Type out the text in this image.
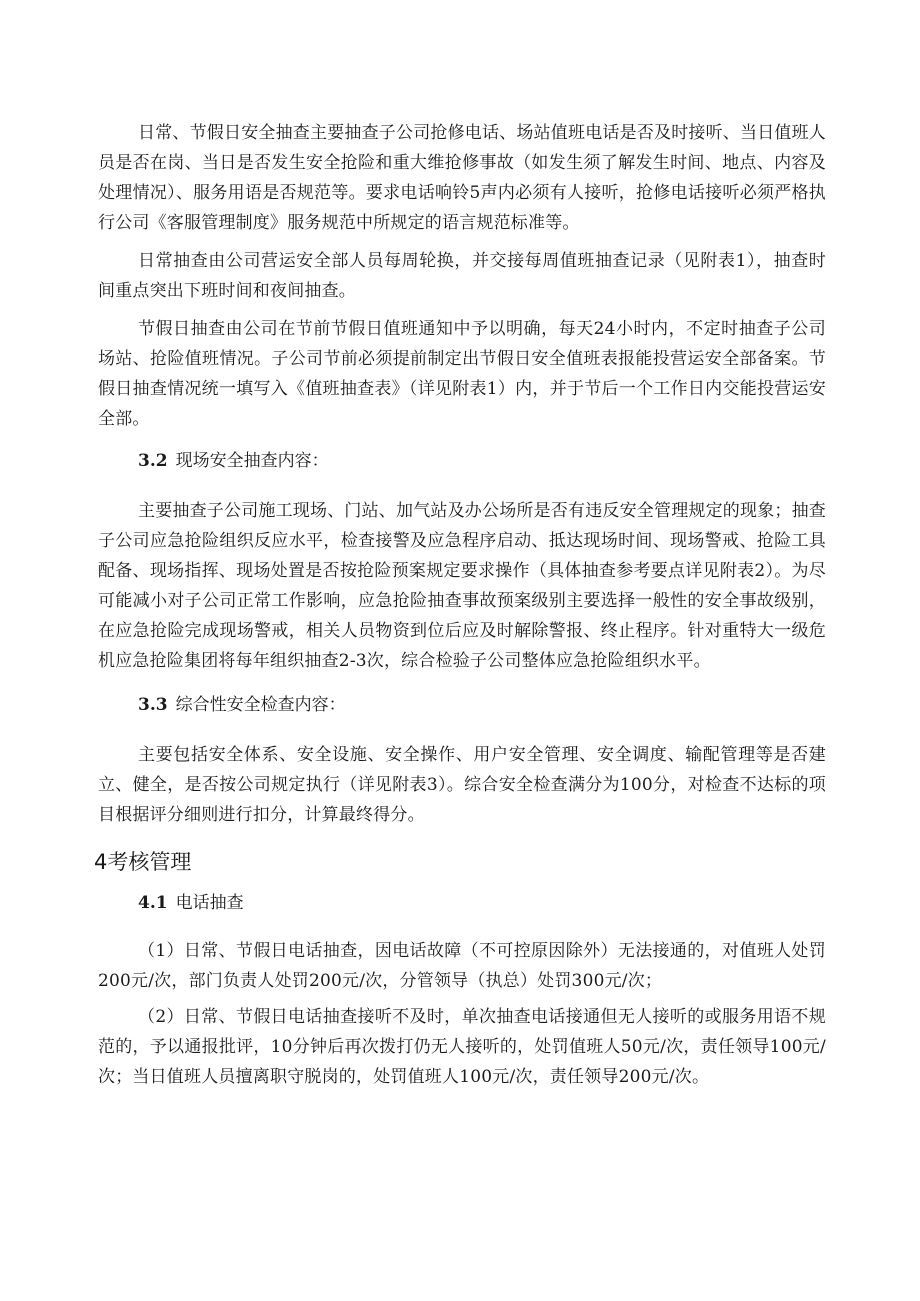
日常、节假日安全抽查主要抽查子公司抢修电话、场站值班电话是否及时接听、当日值班人员是否在岗、当日是否发生安全抢险和重大维抢修事故（如发生须了解发生时间、地点、内容及处理情况）、服务用语是否规范等。要求电话响铃5声内必须有人接听，抢修电话接听必须严格执行公司《客服管理制度》服务规范中所规定的语言规范标准等。

日常抽查由公司营运安全部人员每周轮换，并交接每周值班抽查记录（见附表1），抽查时间重点突出下班时间和夜间抽查。

节假日抽查由公司在节前节假日值班通知中予以明确，每天24小时内，不定时抽查子公司场站、抢险值班情况。子公司节前必须提前制定出节假日安全值班表报能投营运安全部备案。节假日抽查情况统一填写入《值班抽查表》（详见附表1）内，并于节后一个工作日内交能投营运安全部。

3.2 现场安全抽查内容：

主要抽查子公司施工现场、门站、加气站及办公场所是否有违反安全管理规定的现象；抽查子公司应急抢险组织反应水平，检查接警及应急程序启动、抵达现场时间、现场警戒、抢险工具配备、现场指挥、现场处置是否按抢险预案规定要求操作（具体抽查参考要点详见附表2）。为尽可能减小对子公司正常工作影响，应急抢险抽查事故预案级别主要选择一般性的安全事故级别，在应急抢险完成现场警戒，相关人员物资到位后应及时解除警报、终止程序。针对重特大一级危机应急抢险集团将每年组织抽查2-3次，综合检验子公司整体应急抢险组织水平。

3.3 综合性安全检查内容：

主要包括安全体系、安全设施、安全操作、用户安全管理、安全调度、输配管理等是否建立、健全，是否按公司规定执行（详见附表3）。综合安全检查满分为100分，对检查不达标的项目根据评分细则进行扣分，计算最终得分。

4考核管理
4.1 电话抽查

（1）日常、节假日电话抽查，因电话故障（不可控原因除外）无法接通的，对值班人处罚200元/次，部门负责人处罚200元/次，分管领导（执总）处罚300元/次；

（2）日常、节假日电话抽查接听不及时，单次抽查电话接通但无人接听的或服务用语不规范的，予以通报批评，10分钟后再次拨打仍无人接听的，处罚值班人50元/次，责任领导100元/次；当日值班人员擅离职守脱岗的，处罚值班人100元/次，责任领导200元/次。
